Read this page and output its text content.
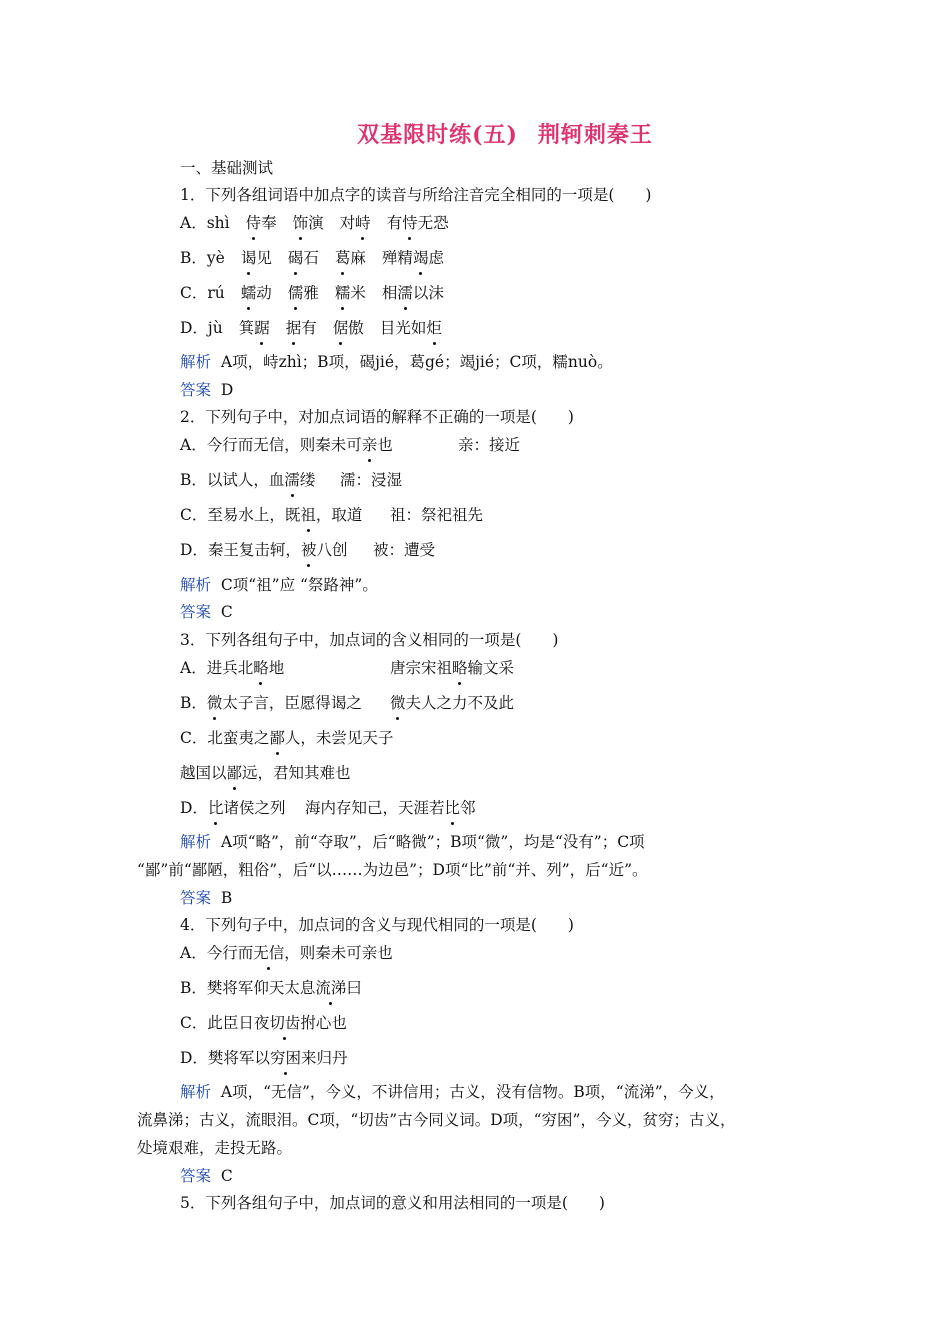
双基限时练(五) 荆轲刺秦王
一、基础测试
1．下列各组词语中加点字的读音与所给注音完全相同的一项是(　　)
A．shì 侍奉 饰演 对峙 有恃无恐
B．yè 谒见 碣石 葛麻 殚精竭虑
C．rú 蠕动 儒雅 糯米 相濡以沫
D．jù 箕踞 据有 倨傲 目光如炬
解析 A项，峙zhì；B项，碣jié，葛gé；竭jié；C项，糯nuò。
答案 D
2．下列句子中，对加点词语的解释不正确的一项是(　　)
A．今行而无信，则秦未可亲也	亲：接近
B．以试人，血濡缕 濡：浸湿
C．至易水上，既祖，取道 祖：祭祀祖先
D．秦王复击轲，被八创 被：遭受
解析 C项“祖”应 “祭路神”。
答案 C
3．下列各组句子中，加点词的含义相同的一项是(　　)
A．进兵北略地	唐宗宋祖略输文采
B．微太子言，臣愿得谒之 微夫人之力不及此
C．北蛮夷之鄙人，未尝见天子
越国以鄙远，君知其难也
D．比诸侯之列 海内存知己，天涯若比邻
解析 A项“略”，前“夺取”，后“略微”；B项“微”，均是“没有”；C项
“鄙”前“鄙陋，粗俗”，后“以……为边邑”；D项“比”前“并、列”，后“近”。
答案 B
4．下列句子中，加点词的含义与现代相同的一项是(　　)
A．今行而无信，则秦未可亲也
B．樊将军仰天太息流涕曰
C．此臣日夜切齿拊心也
D．樊将军以穷困来归丹
解析 A项，“无信”，今义，不讲信用；古义，没有信物。B项，“流涕”，今义，
流鼻涕；古义，流眼泪。C项，“切齿”古今同义词。D项，“穷困”，今义，贫穷；古义，
处境艰难，走投无路。
答案 C
5．下列各组句子中，加点词的意义和用法相同的一项是(　　)
